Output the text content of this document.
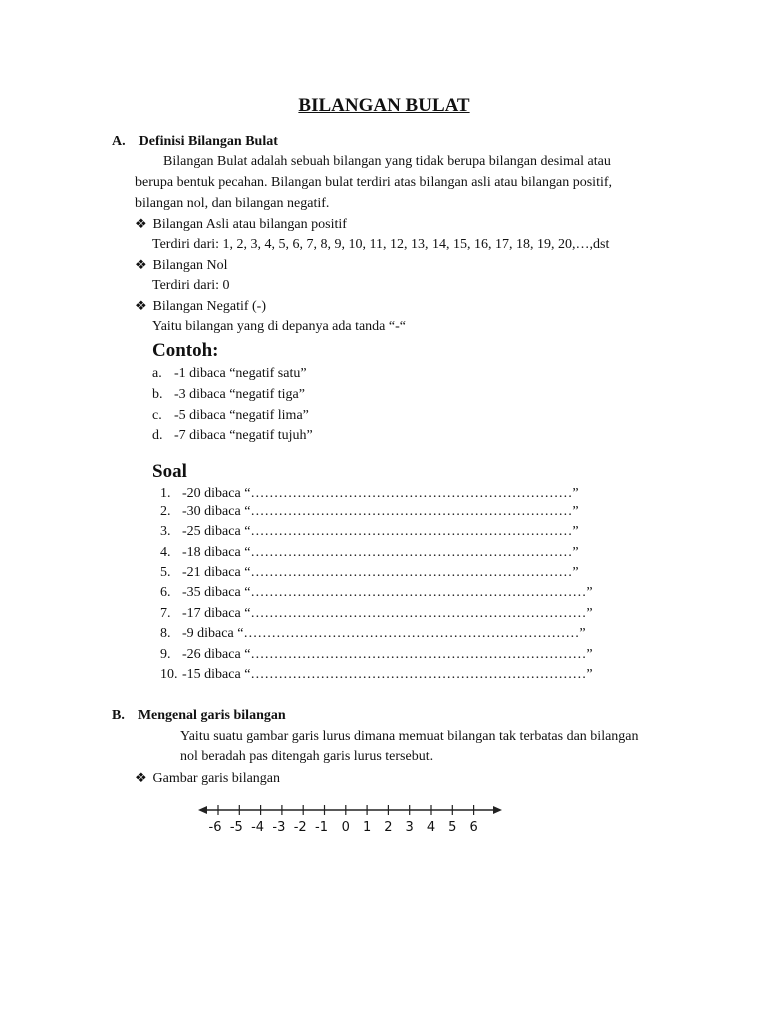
BILANGAN BULAT
A. Definisi Bilangan Bulat
Bilangan Bulat adalah sebuah bilangan yang tidak berupa bilangan desimal atau
berupa bentuk pecahan. Bilangan bulat terdiri atas bilangan asli atau bilangan positif,
bilangan nol, dan bilangan negatif.
❖ Bilangan Asli atau bilangan positif
Terdiri dari: 1, 2, 3, 4, 5, 6, 7, 8, 9, 10, 11, 12, 13, 14, 15, 16, 17, 18, 19, 20,…,dst
❖ Bilangan Nol
Terdiri dari: 0
❖ Bilangan Negatif (-)
Yaitu bilangan yang di depanya ada tanda “-“
Contoh:
a. -1 dibaca “negatif satu”
b. -3 dibaca “negatif tiga”
c. -5 dibaca “negatif lima”
d. -7 dibaca “negatif tujuh”
Soal
1. -20 dibaca “……………………………………………………………”
2. -30 dibaca “……………………………………………………………”
3. -25 dibaca “……………………………………………………………”
4. -18 dibaca “……………………………………………………………”
5. -21 dibaca “……………………………………………………………”
6. -35 dibaca “………………………………………………………………”
7. -17 dibaca “………………………………………………………………”
8. -9 dibaca “………………………………………………………………”
9. -26 dibaca “………………………………………………………………”
10. -15 dibaca “………………………………………………………………”
B. Mengenal garis bilangan
Yaitu suatu gambar garis lurus dimana memuat bilangan tak terbatas dan bilangan
nol beradah pas ditengah garis lurus tersebut.
❖ Gambar garis bilangan
-6 -5 -4 -3 -2 -1 0 1 2 3 4 5 6
